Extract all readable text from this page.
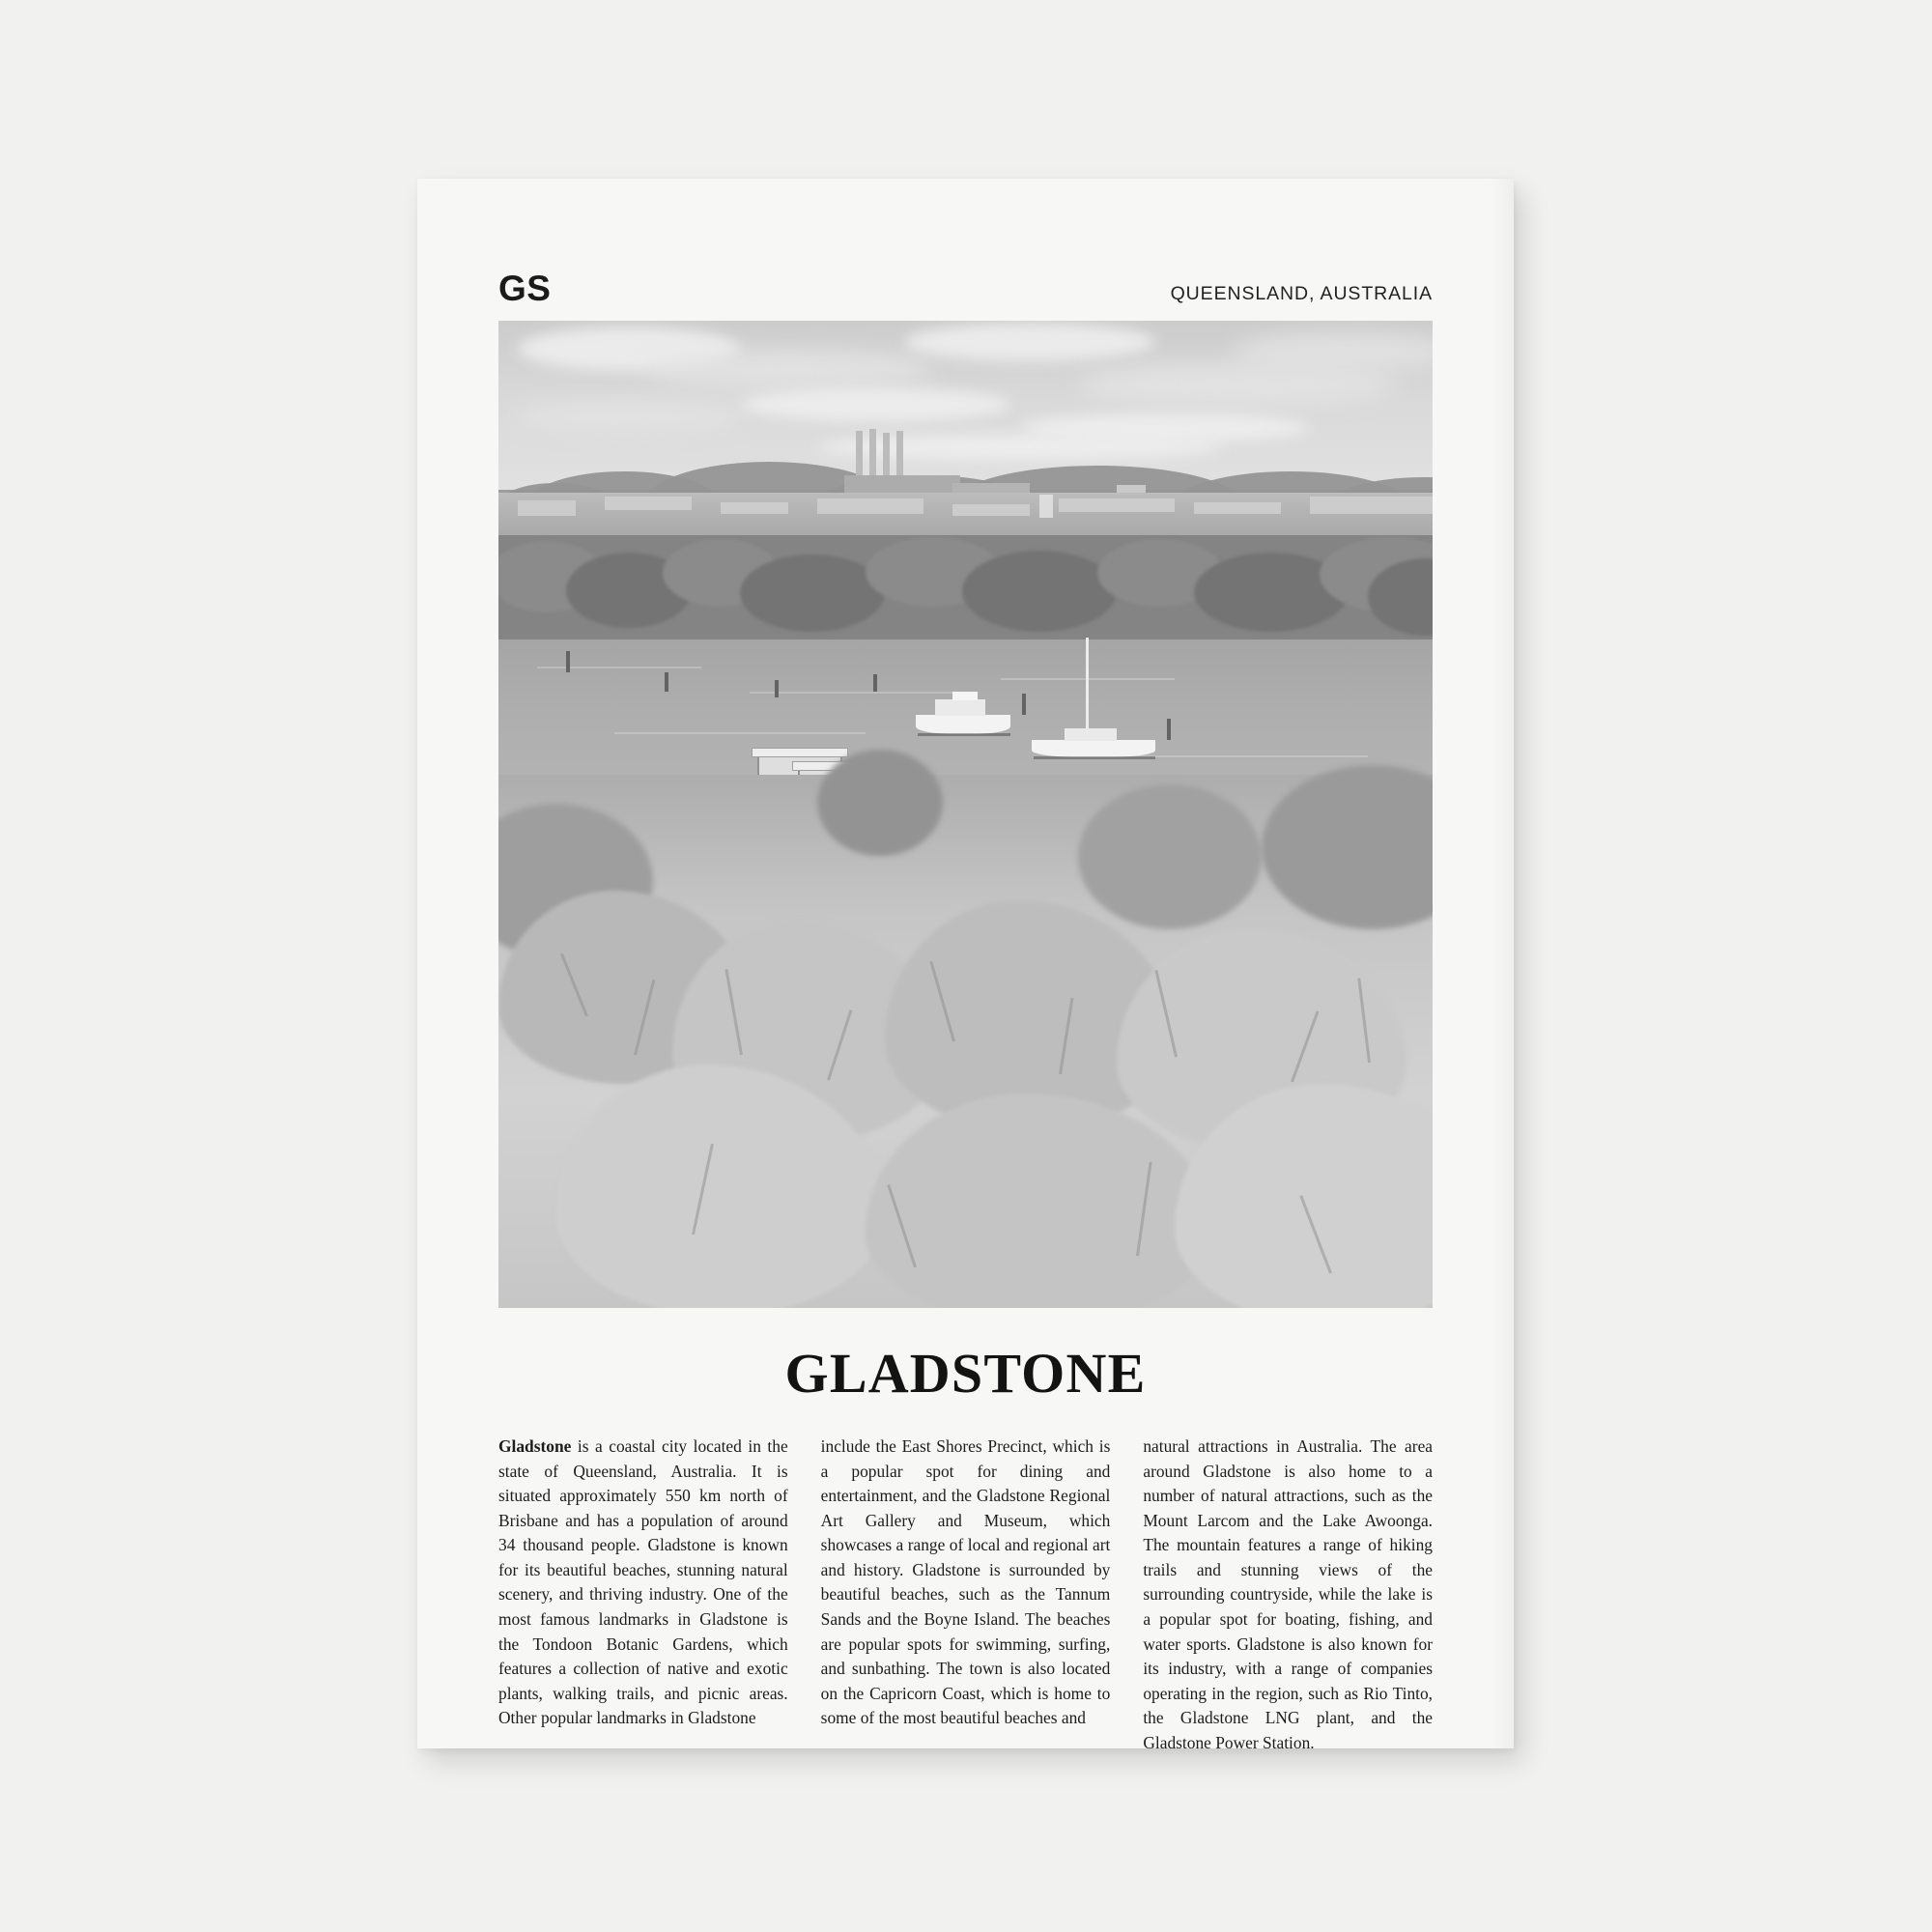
GS	QUEENSLAND, AUSTRALIA
GLADSTONE
Gladstone is a coastal city located in the state of Queensland, Australia. It is situated approximately 550 km north of Brisbane and has a population of around 34 thousand people. Gladstone is known for its beautiful beaches, stunning natural scenery, and thriving industry. One of the most famous landmarks in Gladstone is the Tondoon Botanic Gardens, which features a collection of native and exotic plants, walking trails, and picnic areas. Other popular landmarks in Gladstone
include the East Shores Precinct, which is a popular spot for dining and entertainment, and the Gladstone Regional Art Gallery and Museum, which showcases a range of local and regional art and history. Gladstone is surrounded by beautiful beaches, such as the Tannum Sands and the Boyne Island. The beaches are popular spots for swimming, surfing, and sunbathing. The town is also located on the Capricorn Coast, which is home to some of the most beautiful beaches and
natural attractions in Australia. The area around Gladstone is also home to a number of natural attractions, such as the Mount Larcom and the Lake Awoonga. The mountain features a range of hiking trails and stunning views of the surrounding countryside, while the lake is a popular spot for boating, fishing, and water sports. Gladstone is also known for its industry, with a range of companies operating in the region, such as Rio Tinto, the Gladstone LNG plant, and the Gladstone Power Station.
